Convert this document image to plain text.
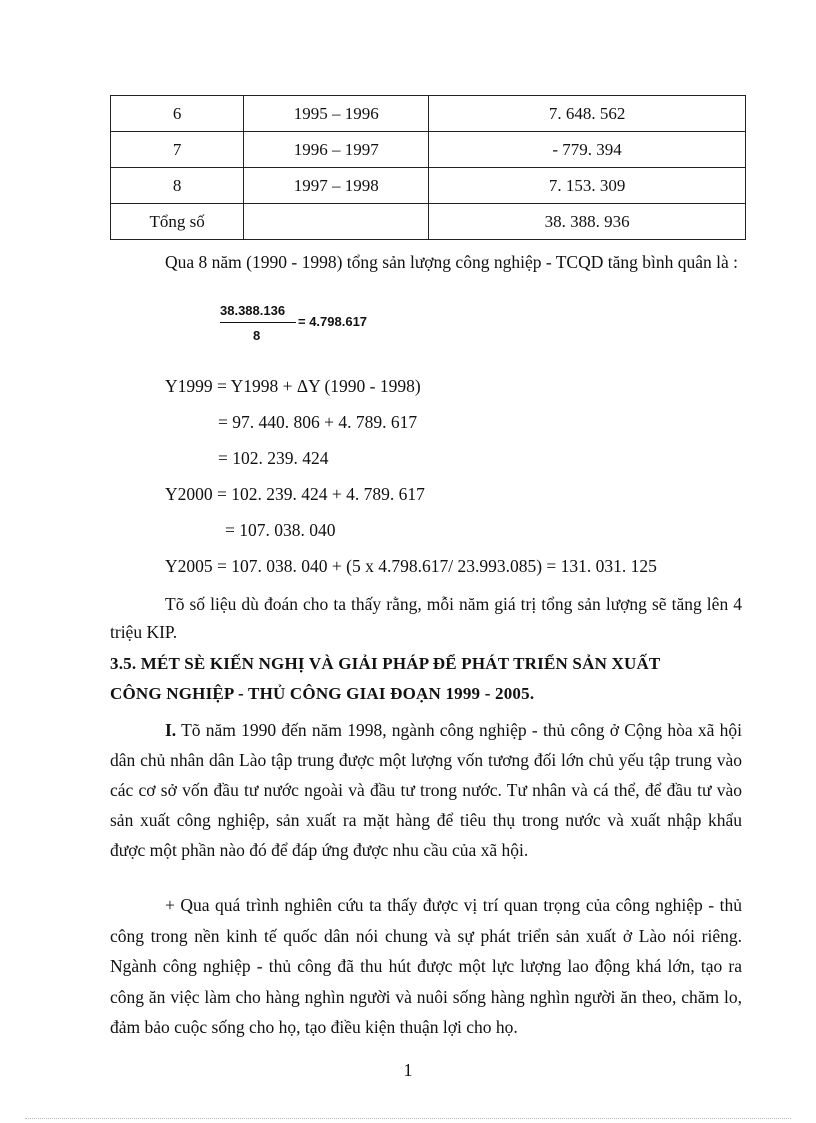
6	1995 – 1996	7. 648. 562
7	1996 – 1997	- 779. 394
8	1997 – 1998	7. 153. 309
Tổng số		38. 388. 936
Qua 8 năm (1990 - 1998) tổng sản lượng công nghiệp - TCQD tăng bình quân là :
38.388.136
8
= 4.798.617
Y1999 = Y1998 + ΔY (1990 - 1998)
= 97. 440. 806 + 4. 789. 617
= 102. 239. 424
Y2000 = 102. 239. 424 + 4. 789. 617
= 107. 038. 040
Y2005 = 107. 038. 040 + (5 x 4.798.617/ 23.993.085) = 131. 031. 125
Tõ số liệu dù đoán cho ta thấy rằng, mỗi năm giá trị tổng sản lượng sẽ tăng lên 4 triệu KIP.
3.5. MÉT SÈ KIẾN NGHỊ VÀ GIẢI PHÁP ĐỂ PHÁT TRIỂN SẢN XUẤT
CÔNG NGHIỆP - THỦ CÔNG GIAI ĐOẠN 1999 - 2005.
I. Tõ năm 1990 đến năm 1998, ngành công nghiệp - thủ công ở Cộng hòa xã hội dân chủ nhân dân Lào tập trung được một lượng vốn tương đối lớn chủ yếu tập trung vào các cơ sở vốn đầu tư nước ngoài và đầu tư trong nước. Tư nhân và cá thể, để đầu tư vào sản xuất công nghiệp, sản xuất ra mặt hàng để tiêu thụ trong nước và xuất nhập khẩu được một phần nào đó để đáp ứng được nhu cầu của xã hội.
+ Qua quá trình nghiên cứu ta thấy được vị trí quan trọng của công nghiệp - thủ công trong nền kinh tế quốc dân nói chung và sự phát triển sản xuất ở Lào nói riêng. Ngành công nghiệp - thủ công đã thu hút được một lực lượng lao động khá lớn, tạo ra công ăn việc làm cho hàng nghìn người và nuôi sống hàng nghìn người ăn theo, chăm lo, đảm bảo cuộc sống cho họ, tạo điều kiện thuận lợi cho họ.
1
